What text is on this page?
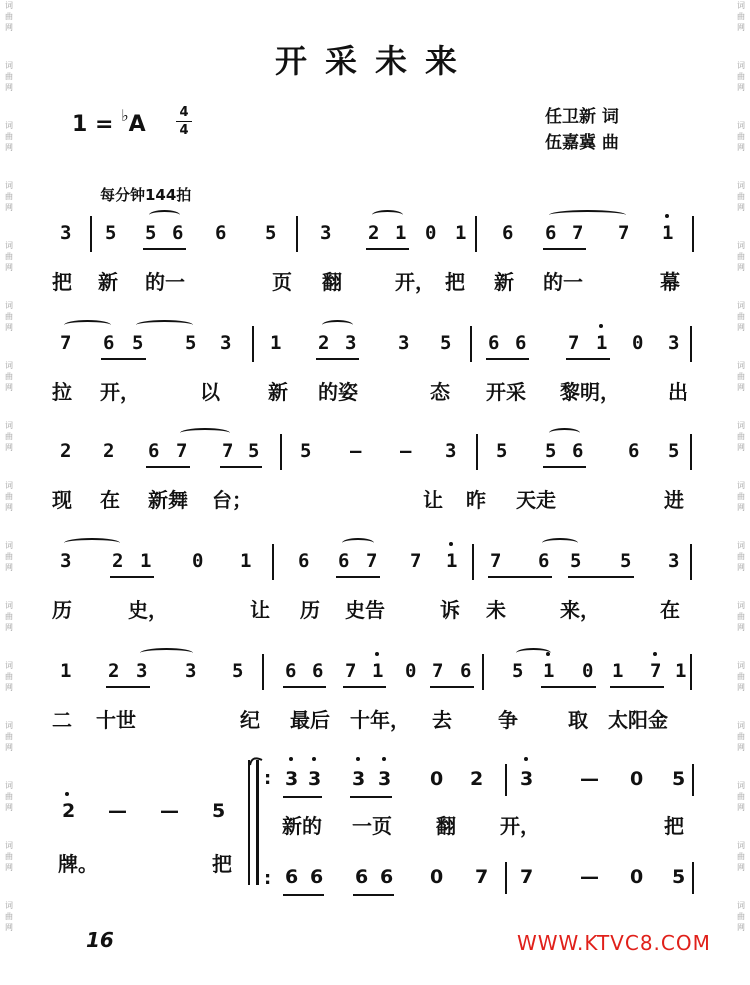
词
曲
网
词
曲
网
词
曲
网
词
曲
网
词
曲
网
词
曲
网
词
曲
网
词
曲
网
词
曲
网
词
曲
网
词
曲
网
词
曲
网
词
曲
网
词
曲
网
词
曲
网
词
曲
网
词
曲
网
词
曲
网
词
曲
网
词
曲
网
词
曲
网
词
曲
网
词
曲
网
词
曲
网
词
曲
网
词
曲
网
词
曲
网
词
曲
网
词
曲
网
词
曲
网
词
曲
网
词
曲
网
开采未来
1 = ♭A	4
4
任卫新 词
伍嘉冀 曲
每分钟144拍
3 5 5 6 6 5 3 2 1 0 1 6 6 7 7 1
把 新 的一	页 翻	开， 把 新 的一	幕
7 6 5 5 3 1 2 3 3 5 6 6 7 1 0 3
拉 开，	以 新 的姿	态 开采 黎明， 出
2 2 6 7 7 5 5 — — 3 5 5 6 6 5
现 在 新舞 台；	让 昨 天走	进
3 2 1 0 1 6 6 7 7 1 7 6 5 5 3
历	史，	让 历 史告	诉 未	来，	在
1 2 3 3 5 6 6 7 1 0 7 6 5 1 0 1 7 1
二 十世	纪 最后 十年， 去 争	取 太阳金
16	WWW.KTVC8.COM
2 — — 5
牌。	把
:
:
3 3 3 3 0 2 3 — 0 5
新的 一页 翻 开，	把
6 6 6 6 0 7 7 — 0 5
